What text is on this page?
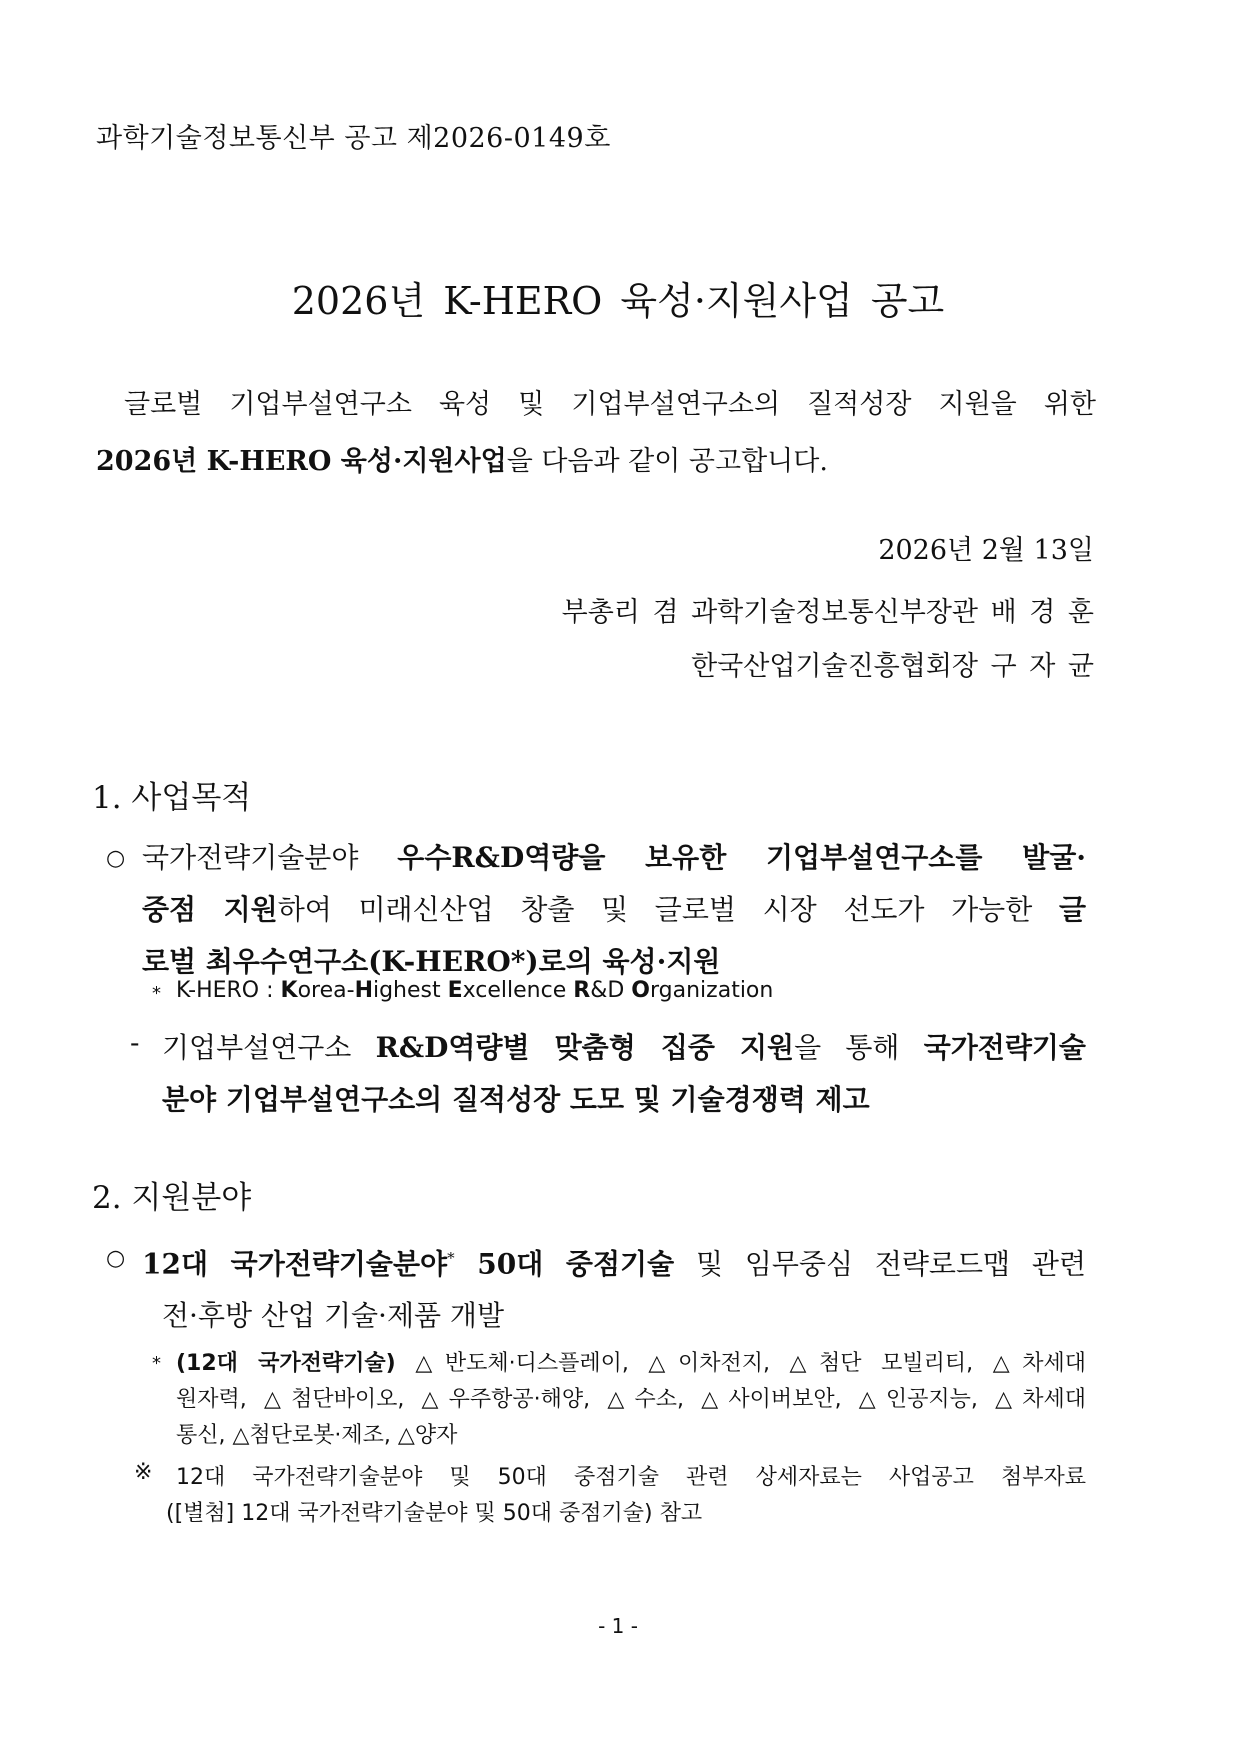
과학기술정보통신부 공고 제2026-0149호
2026년 K-HERO 육성·지원사업 공고

글로벌 기업부설연구소 육성 및 기업부설연구소의 질적성장 지원을 위한

2026년 K-HERO 육성·지원사업을 다음과 같이 공고합니다.

2026년 2월 13일
부총리 겸 과학기술정보통신부장관 배 경 훈
한국산업기술진흥협회장 구 자 균
1. 사업목적
○ 국가전략기술분야 우수R&D역량을 보유한 기업부설연구소를 발굴·

중점 지원하여 미래신산업 창출 및 글로벌 시장 선도가 가능한 글

로벌 최우수연구소(K-HERO*)로의 육성·지원

* K-HERO : Korea-Highest Excellence R&D Organization
- 기업부설연구소 R&D역량별 맞춤형 집중 지원을 통해 국가전략기술

분야 기업부설연구소의 질적성장 도모 및 기술경쟁력 제고

2. 지원분야
○ 12대 국가전략기술분야* 50대 중점기술 및 임무중심 전략로드맵 관련

전·후방 산업 기술·제품 개발

* (12대 국가전략기술) △반도체·디스플레이, △이차전지, △첨단 모빌리티, △차세대

원자력, △첨단바이오, △우주항공·해양, △수소, △사이버보안, △인공지능, △차세대

통신, △첨단로봇·제조, △양자

※ 12대 국가전략기술분야 및 50대 중점기술 관련 상세자료는 사업공고 첨부자료

([별첨] 12대 국가전략기술분야 및 50대 중점기술) 참고

- 1 -
